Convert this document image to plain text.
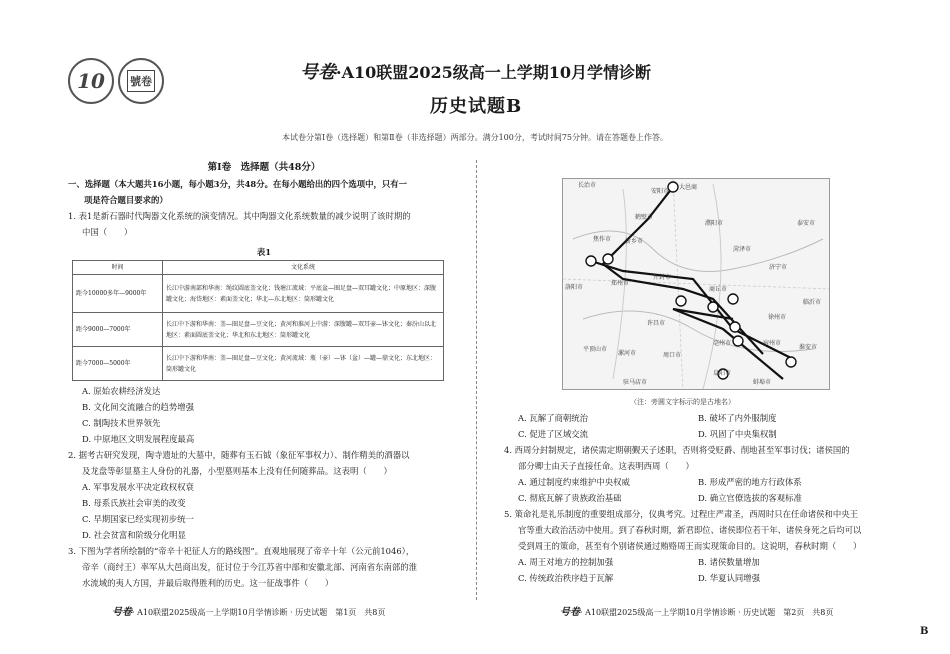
10 號卷	号卷·A10联盟2025级高一上学期10月学情诊断
历史试题B
本试卷分第Ⅰ卷（选择题）和第Ⅱ卷（非选择题）两部分。满分100分，考试时间75分钟。请在答题卷上作答。
第Ⅰ卷　选择题（共48分）
一、选择题（本大题共16小题，每小题3分，共48分。在每小题给出的四个选项中，只有一
项是符合题目要求的）
1. 表1是新石器时代陶器文化系统的演变情况。其中陶器文化系统数量的减少说明了该时期的
中国（　　）
表1
时间	文化系统
距今10000多年—9000年	长江中游南部和华南：绳纹圆底釜文化；钱塘江流域：平底盆—圈足盘—双耳罐文化；中原地区：深腹罐文化；海岱地区：素面釜文化；华北—东北地区：筒形罐文化
距今9000—7000年	长江中下游和华南：釜—圈足盘—豆文化；黄河和淮河上中游：深腹罐—双耳壶—钵文化；秦汾山以北地区：素面圆底釜文化；华北和东北地区：筒形罐文化
距今7000—5000年	长江中下游和华南：釜—圈足盘—豆文化；黄河流域：瓶（壶）—钵（盆）—罐—鼎文化；东北地区：筒形罐文化
A. 原始农耕经济发达
B. 文化间交流融合的趋势增强
C. 制陶技术世界领先
D. 中原地区文明发展程度最高
2. 据考古研究发现，陶寺遗址的大墓中，随葬有玉石钺（象征军事权力）、制作精美的酒器以
及龙盘等彰显墓主人身份的礼器，小型墓则基本上没有任何随葬品。这表明（　　）
A. 军事发展水平决定政权权衰
B. 母系氏族社会审美的改变
C. 早期国家已经实现初步统一
D. 社会贫富和阶级分化明显
3. 下图为学者所绘制的“帝辛十祀征人方的路线图”。直观地展现了帝辛十年（公元前1046），
帝辛（商纣王）率军从大邑商出发，征讨位于今江苏省中部和安徽北部、河南省东南部的淮
水流域的夷人方国，并最后取得胜利的历史。这一征战事件（　　）
号卷· A10联盟2025级高一上学期10月学情诊断 · 历史试题　第1页　共8页
长治市
安阳市
大邑商
鹤壁市
新乡市
濮阳市
焦作市
郑州市
开封市
菏泽市
济宁市
泰安市
临沂市
商丘市
徐州市
宿州市
许昌市
周口市
阜阳市
蚌埠市
漯河市
平顶山市
驻马店市
淮安市
洛阳市
亳州市
（注：旁圆文字标示的是古地名）
A. 瓦解了商朝统治	B. 破坏了内外服制度
C. 促进了区域交流	D. 巩固了中央集权制
4. 西周分封制规定，诸侯需定期朝觐天子述职，否则将受贬爵、削地甚至军事讨伐；诸侯国的
部分卿士由天子直接任命。这表明西周（　　）
A. 通过制度约束维护中央权威	B. 形成严密的地方行政体系
C. 彻底瓦解了贵族政治基础	D. 确立官僚选拔的客观标准
5. 策命礼是礼乐制度的重要组成部分，仪典考究。过程庄严肃圣，西周时只在任命诸侯和中央王
官等重大政治活动中使用。到了春秋时期，新君即位、诸侯即位若干年、诸侯身死之后均可以
受到周王的策命，甚至有个别诸侯通过贿赂周王而实现策命目的。这说明，春秋时期（　　）
A. 周王对地方的控制加强	B. 诸侯数量增加
C. 传统政治秩序趋于瓦解	D. 华夏认同增强
号卷· A10联盟2025级高一上学期10月学情诊断 · 历史试题　第2页　共8页
B
